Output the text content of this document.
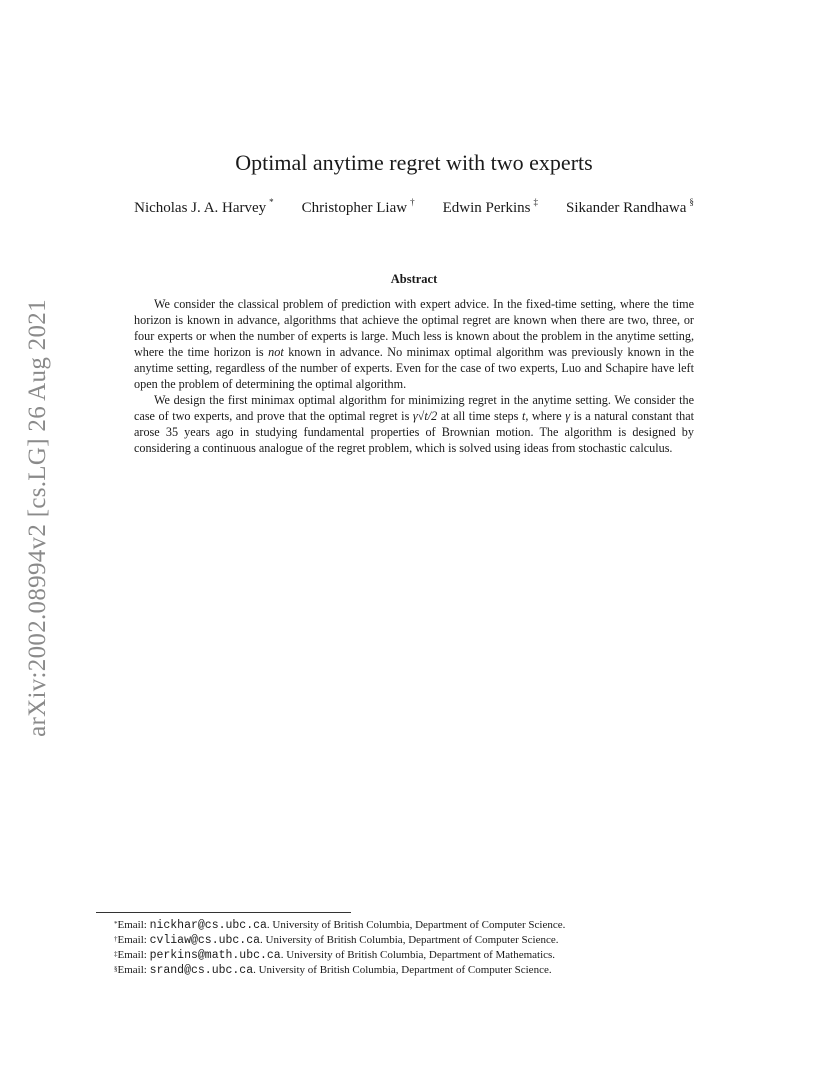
arXiv:2002.08994v2 [cs.LG] 26 Aug 2021
Optimal anytime regret with two experts
Nicholas J. A. Harvey * Christopher Liaw † Edwin Perkins ‡ Sikander Randhawa §
Abstract

We consider the classical problem of prediction with expert advice. In the fixed-time setting, where the time horizon is known in advance, algorithms that achieve the optimal regret are known when there are two, three, or four experts or when the number of experts is large. Much less is known about the problem in the anytime setting, where the time horizon is not known in advance. No minimax optimal algorithm was previously known in the anytime setting, regardless of the number of experts. Even for the case of two experts, Luo and Schapire have left open the problem of determining the optimal algorithm.

We design the first minimax optimal algorithm for minimizing regret in the anytime setting. We consider the case of two experts, and prove that the optimal regret is γ√t/2 at all time steps t, where γ is a natural constant that arose 35 years ago in studying fundamental properties of Brownian motion. The algorithm is designed by considering a continuous analogue of the regret problem, which is solved using ideas from stochastic calculus.

*Email: nickhar@cs.ubc.ca. University of British Columbia, Department of Computer Science.
†Email: cvliaw@cs.ubc.ca. University of British Columbia, Department of Computer Science.
‡Email: perkins@math.ubc.ca. University of British Columbia, Department of Mathematics.
§Email: srand@cs.ubc.ca. University of British Columbia, Department of Computer Science.
